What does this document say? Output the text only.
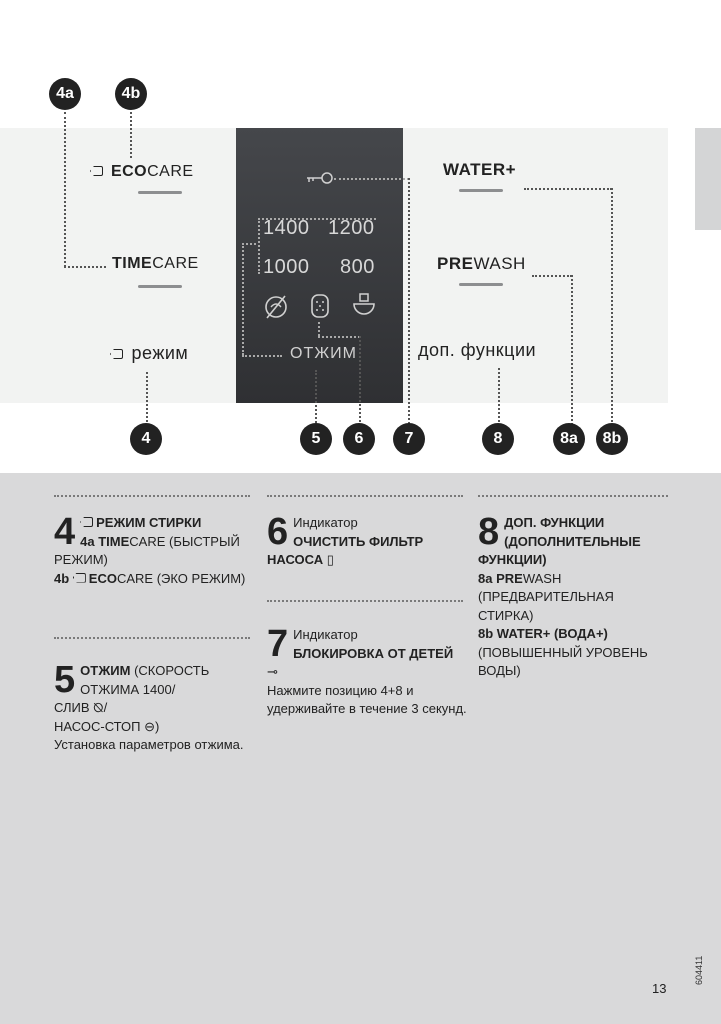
4a	4b
ECOCARE
TIMECARE
режим
1400 1200
1000 800
ОТЖИМ
WATER+
PREWASH
доп. функции
4	5	6	7	8	8a	8b
4 РЕЖИМ СТИРКИ
4a TIMECARE (БЫСТРЫЙ РЕЖИМ)
4b ECOCARE (ЭКО РЕЖИМ)
5 ОТЖИМ (СКОРОСТЬ ОТЖИМА 1400/
СЛИВ ⦰/
НАСОС-СТОП ⊖)
Установка параметров отжима.
6 Индикатор
ОЧИСТИТЬ ФИЛЬТР НАСОСА ▯
7 Индикатор
БЛОКИРОВКА ОТ ДЕТЕЙ ⊸
Нажмите позицию 4+8 и удерживайте в течение 3 секунд.
8 ДОП. ФУНКЦИИ (ДОПОЛНИТЕЛЬНЫЕ ФУНКЦИИ)
8a PREWASH
(ПРЕДВАРИТЕЛЬНАЯ СТИРКА)
8b WATER+ (ВОДА+)
(ПОВЫШЕННЫЙ УРОВЕНЬ ВОДЫ)
13
604411
